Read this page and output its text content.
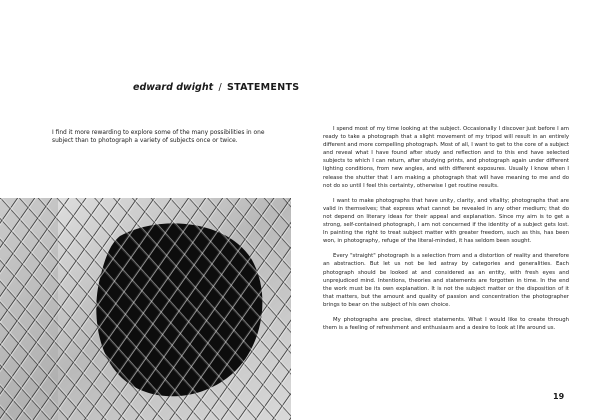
edward dwight / STATEMENTS
I find it more rewarding to explore some of the many possibilities in one subject than to photograph a variety of subjects once or twice.

I spend most of my time looking at the subject. Occasionally I discover just before I am ready to take a photograph that a slight movement of my tripod will result in an entirely different and more compelling photograph. Most of all, I want to get to the core of a subject and reveal what I have found after study and reflection and to this end have selected subjects to which I can return, after studying prints, and photograph again under different lighting conditions, from new angles, and with different exposures. Usually I know when I release the shutter that I am making a photograph that will have meaning to me and do not do so until I feel this certainty, otherwise I get routine results.

I want to make photographs that have unity, clarity, and vitality; photographs that are valid in themselves; that express what cannot be revealed in any other medium; that do not depend on literary ideas for their appeal and explanation. Since my aim is to get a strong, self-contained photograph, I am not concerned if the identity of a subject gets lost. In painting the right to treat subject matter with greater freedom, such as this, has been won, in photography, refuge of the literal-minded, it has seldom been sought.

Every "straight" photograph is a selection from and a distortion of reality and therefore an abstraction. But let us not be led astray by categories and generalities. Each photograph should be looked at and considered as an entity, with fresh eyes and unprejudiced mind. Intentions, theories and statements are forgotten in time. In the end the work must be its own explanation. It is not the subject matter or the disposition of it that matters, but the amount and quality of passion and concentration the photographer brings to bear on the subject of his own choice.

My photographs are precise, direct statements. What I would like to create through them is a feeling of refreshment and enthusiasm and a desire to look at life around us.

19
